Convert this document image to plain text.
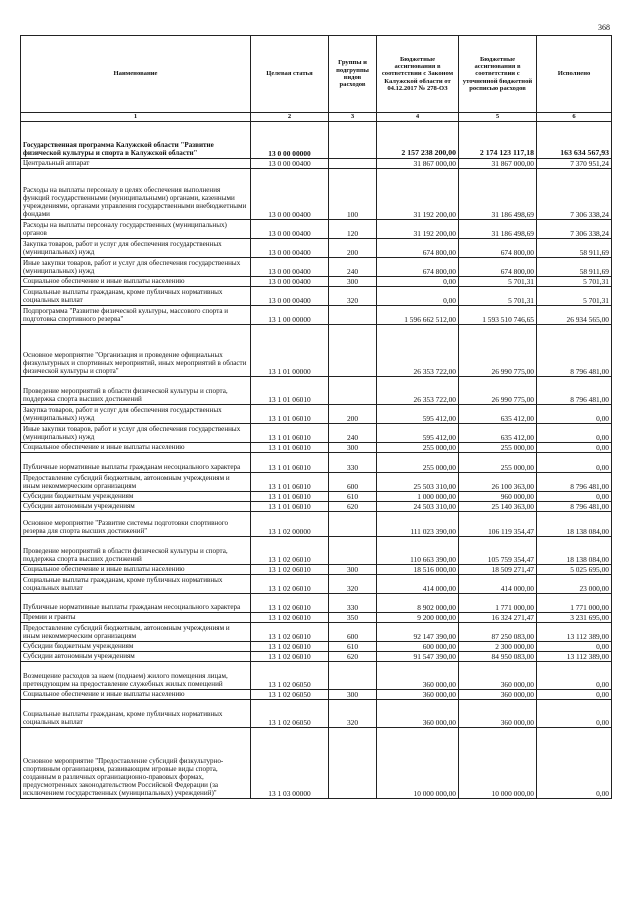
368
Наименование	Целевая статья	Группы и подгруппы видов расходов	Бюджетные ассигнования в соответствии с Законом Калужской области от 04.12.2017 № 278-ОЗ	Бюджетные ассигнования в соответствии с уточненной бюджетной росписью расходов	Исполнено
1	2	3	4	5	6
Государственная программа Калужской области "Развитие физической культуры и спорта в Калужской области"	13 0 00 00000		2 157 238 200,00	2 174 123 117,18	163 634 567,93
Центральный аппарат	13 0 00 00400		31 867 000,00	31 867 000,00	7 370 951,24
Расходы на выплаты персоналу в целях обеспечения выполнения функций государственными (муниципальными) органами, казенными учреждениями, органами управления государственными внебюджетными фондами	13 0 00 00400	100	31 192 200,00	31 186 498,69	7 306 338,24
Расходы на выплаты персоналу государственных (муниципальных) органов	13 0 00 00400	120	31 192 200,00	31 186 498,69	7 306 338,24
Закупка товаров, работ и услуг для обеспечения государственных (муниципальных) нужд	13 0 00 00400	200	674 800,00	674 800,00	58 911,69
Иные закупки товаров, работ и услуг для обеспечения государственных (муниципальных) нужд	13 0 00 00400	240	674 800,00	674 800,00	58 911,69
Социальное обеспечение и иные выплаты населению	13 0 00 00400	300	0,00	5 701,31	5 701,31
Социальные выплаты гражданам, кроме публичных нормативных социальных выплат	13 0 00 00400	320	0,00	5 701,31	5 701,31
Подпрограмма "Развитие физической культуры, массового спорта и подготовка спортивного резерва"	13 1 00 00000		1 596 662 512,00	1 593 510 746,65	26 934 565,00
Основное мероприятие "Организация и проведение официальных физкультурных и спортивных мероприятий, иных мероприятий в области физической культуры и спорта"	13 1 01 00000		26 353 722,00	26 990 775,00	8 796 481,00
Проведение мероприятий в области физической культуры и спорта, поддержка спорта высших достижений	13 1 01 06010		26 353 722,00	26 990 775,00	8 796 481,00
Закупка товаров, работ и услуг для обеспечения государственных (муниципальных) нужд	13 1 01 06010	200	595 412,00	635 412,00	0,00
Иные закупки товаров, работ и услуг для обеспечения государственных (муниципальных) нужд	13 1 01 06010	240	595 412,00	635 412,00	0,00
Социальное обеспечение и иные выплаты населению	13 1 01 06010	300	255 000,00	255 000,00	0,00
Публичные нормативные выплаты гражданам несоциального характера	13 1 01 06010	330	255 000,00	255 000,00	0,00
Предоставление субсидий бюджетным, автономным учреждениям и иным некоммерческим организациям	13 1 01 06010	600	25 503 310,00	26 100 363,00	8 796 481,00
Субсидии бюджетным учреждениям	13 1 01 06010	610	1 000 000,00	960 000,00	0,00
Субсидии автономным учреждениям	13 1 01 06010	620	24 503 310,00	25 140 363,00	8 796 481,00
Основное мероприятие "Развитие системы подготовки спортивного резерва для спорта высших достижений"	13 1 02 00000		111 023 390,00	106 119 354,47	18 138 084,00
Проведение мероприятий в области физической культуры и спорта, поддержка спорта высших достижений	13 1 02 06010		110 663 390,00	105 759 354,47	18 138 084,00
Социальное обеспечение и иные выплаты населению	13 1 02 06010	300	18 516 000,00	18 509 271,47	5 025 695,00
Социальные выплаты гражданам, кроме публичных нормативных социальных выплат	13 1 02 06010	320	414 000,00	414 000,00	23 000,00
Публичные нормативные выплаты гражданам несоциального характера	13 1 02 06010	330	8 902 000,00	1 771 000,00	1 771 000,00
Премии и гранты	13 1 02 06010	350	9 200 000,00	16 324 271,47	3 231 695,00
Предоставление субсидий бюджетным, автономным учреждениям и иным некоммерческим организациям	13 1 02 06010	600	92 147 390,00	87 250 083,00	13 112 389,00
Субсидии бюджетным учреждениям	13 1 02 06010	610	600 000,00	2 300 000,00	0,00
Субсидии автономным учреждениям	13 1 02 06010	620	91 547 390,00	84 950 083,00	13 112 389,00
Возмещение расходов за наем (поднаем) жилого помещения лицам, претендующим на предоставление служебных жилых помещений	13 1 02 06050		360 000,00	360 000,00	0,00
Социальное обеспечение и иные выплаты населению	13 1 02 06050	300	360 000,00	360 000,00	0,00
Социальные выплаты гражданам, кроме публичных нормативных социальных выплат	13 1 02 06050	320	360 000,00	360 000,00	0,00
Основное мероприятие "Предоставление субсидий физкультурно-спортивным организациям, развивающим игровые виды спорта, созданным в различных организационно-правовых формах, предусмотренных законодательством Российской Федерации (за исключением государственных (муниципальных) учреждений)"	13 1 03 00000		10 000 000,00	10 000 000,00	0,00
